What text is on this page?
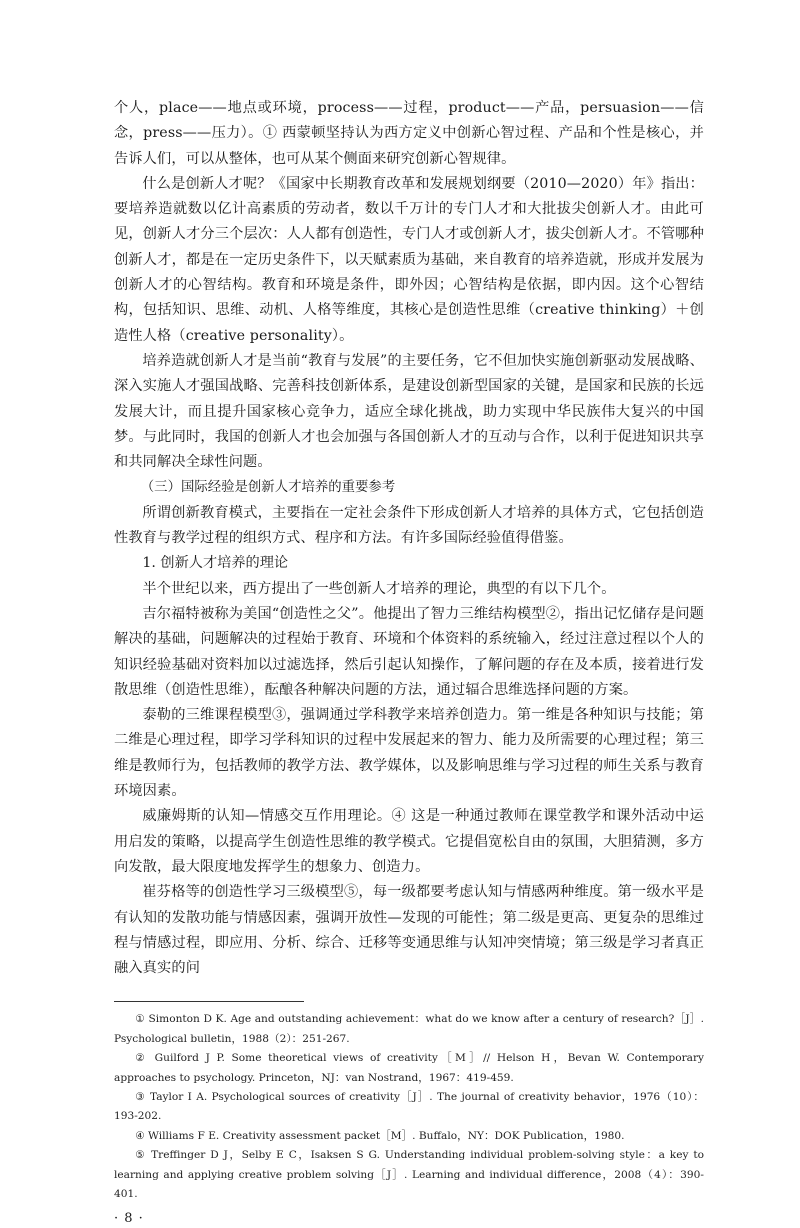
个人，place——地点或环境，process——过程，product——产品，persuasion——信念，press——压力）。① 西蒙顿坚持认为西方定义中创新心智过程、产品和个性是核心，并告诉人们，可以从整体，也可从某个侧面来研究创新心智规律。

什么是创新人才呢？《国家中长期教育改革和发展规划纲要（2010—2020）年》指出：要培养造就数以亿计高素质的劳动者，数以千万计的专门人才和大批拔尖创新人才。由此可见，创新人才分三个层次：人人都有创造性，专门人才或创新人才，拔尖创新人才。不管哪种创新人才，都是在一定历史条件下，以天赋素质为基础，来自教育的培养造就，形成并发展为创新人才的心智结构。教育和环境是条件，即外因；心智结构是依据，即内因。这个心智结构，包括知识、思维、动机、人格等维度，其核心是创造性思维（creative thinking）＋创造性人格（creative personality）。

培养造就创新人才是当前“教育与发展”的主要任务，它不但加快实施创新驱动发展战略、深入实施人才强国战略、完善科技创新体系，是建设创新型国家的关键，是国家和民族的长远发展大计，而且提升国家核心竞争力，适应全球化挑战，助力实现中华民族伟大复兴的中国梦。与此同时，我国的创新人才也会加强与各国创新人才的互动与合作，以利于促进知识共享和共同解决全球性问题。

（三）国际经验是创新人才培养的重要参考

所谓创新教育模式，主要指在一定社会条件下形成创新人才培养的具体方式，它包括创造性教育与教学过程的组织方式、程序和方法。有许多国际经验值得借鉴。

1. 创新人才培养的理论

半个世纪以来，西方提出了一些创新人才培养的理论，典型的有以下几个。

吉尔福特被称为美国“创造性之父”。他提出了智力三维结构模型②，指出记忆储存是问题解决的基础，问题解决的过程始于教育、环境和个体资料的系统输入，经过注意过程以个人的知识经验基础对资料加以过滤选择，然后引起认知操作，了解问题的存在及本质，接着进行发散思维（创造性思维），酝酿各种解决问题的方法，通过辐合思维选择问题的方案。

泰勒的三维课程模型③，强调通过学科教学来培养创造力。第一维是各种知识与技能；第二维是心理过程，即学习学科知识的过程中发展起来的智力、能力及所需要的心理过程；第三维是教师行为，包括教师的教学方法、教学媒体，以及影响思维与学习过程的师生关系与教育环境因素。

威廉姆斯的认知—情感交互作用理论。④ 这是一种通过教师在课堂教学和课外活动中运用启发的策略，以提高学生创造性思维的教学模式。它提倡宽松自由的氛围，大胆猜测，多方向发散，最大限度地发挥学生的想象力、创造力。

崔芬格等的创造性学习三级模型⑤，每一级都要考虑认知与情感两种维度。第一级水平是有认知的发散功能与情感因素，强调开放性—发现的可能性；第二级是更高、更复杂的思维过程与情感过程，即应用、分析、综合、迁移等变通思维与认知冲突情境；第三级是学习者真正融入真实的问

① Simonton D K. Age and outstanding achievement：what do we know after a century of research?［J］. Psychological bulletin，1988（2）：251-267.

② Guilford J P. Some theoretical views of creativity［M］// Helson H，Bevan W. Contemporary approaches to psychology. Princeton，NJ：van Nostrand，1967：419-459.

③ Taylor I A. Psychological sources of creativity［J］. The journal of creativity behavior，1976（10）：193-202.

④ Williams F E. Creativity assessment packet［M］. Buffalo，NY：DOK Publication，1980.

⑤ Treffinger D J，Selby E C，Isaksen S G. Understanding individual problem-solving style：a key to learning and applying creative problem solving［J］. Learning and individual difference，2008（4）：390-401.

· 8 ·
